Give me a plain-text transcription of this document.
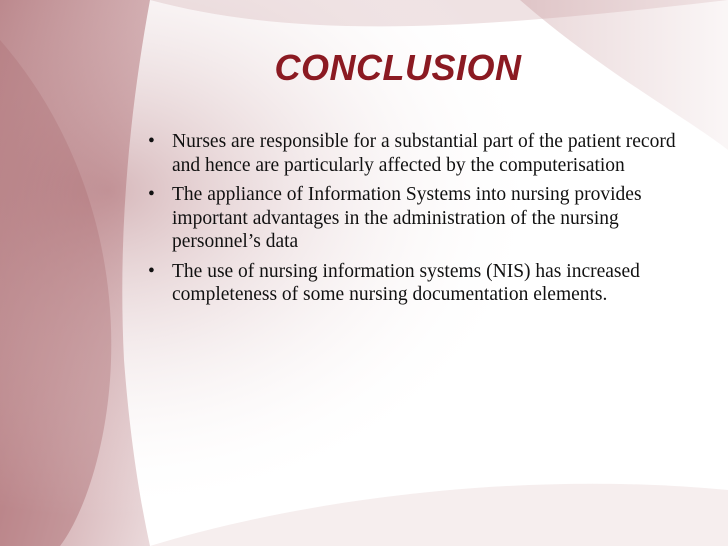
CONCLUSION
• Nurses are responsible for a substantial part of the patient record and hence are particularly affected by the computerisation
• The appliance of Information Systems into nursing provides important advantages in the administration of the nursing personnel’s data
• The use of nursing information systems (NIS) has increased completeness of some nursing documentation elements.
